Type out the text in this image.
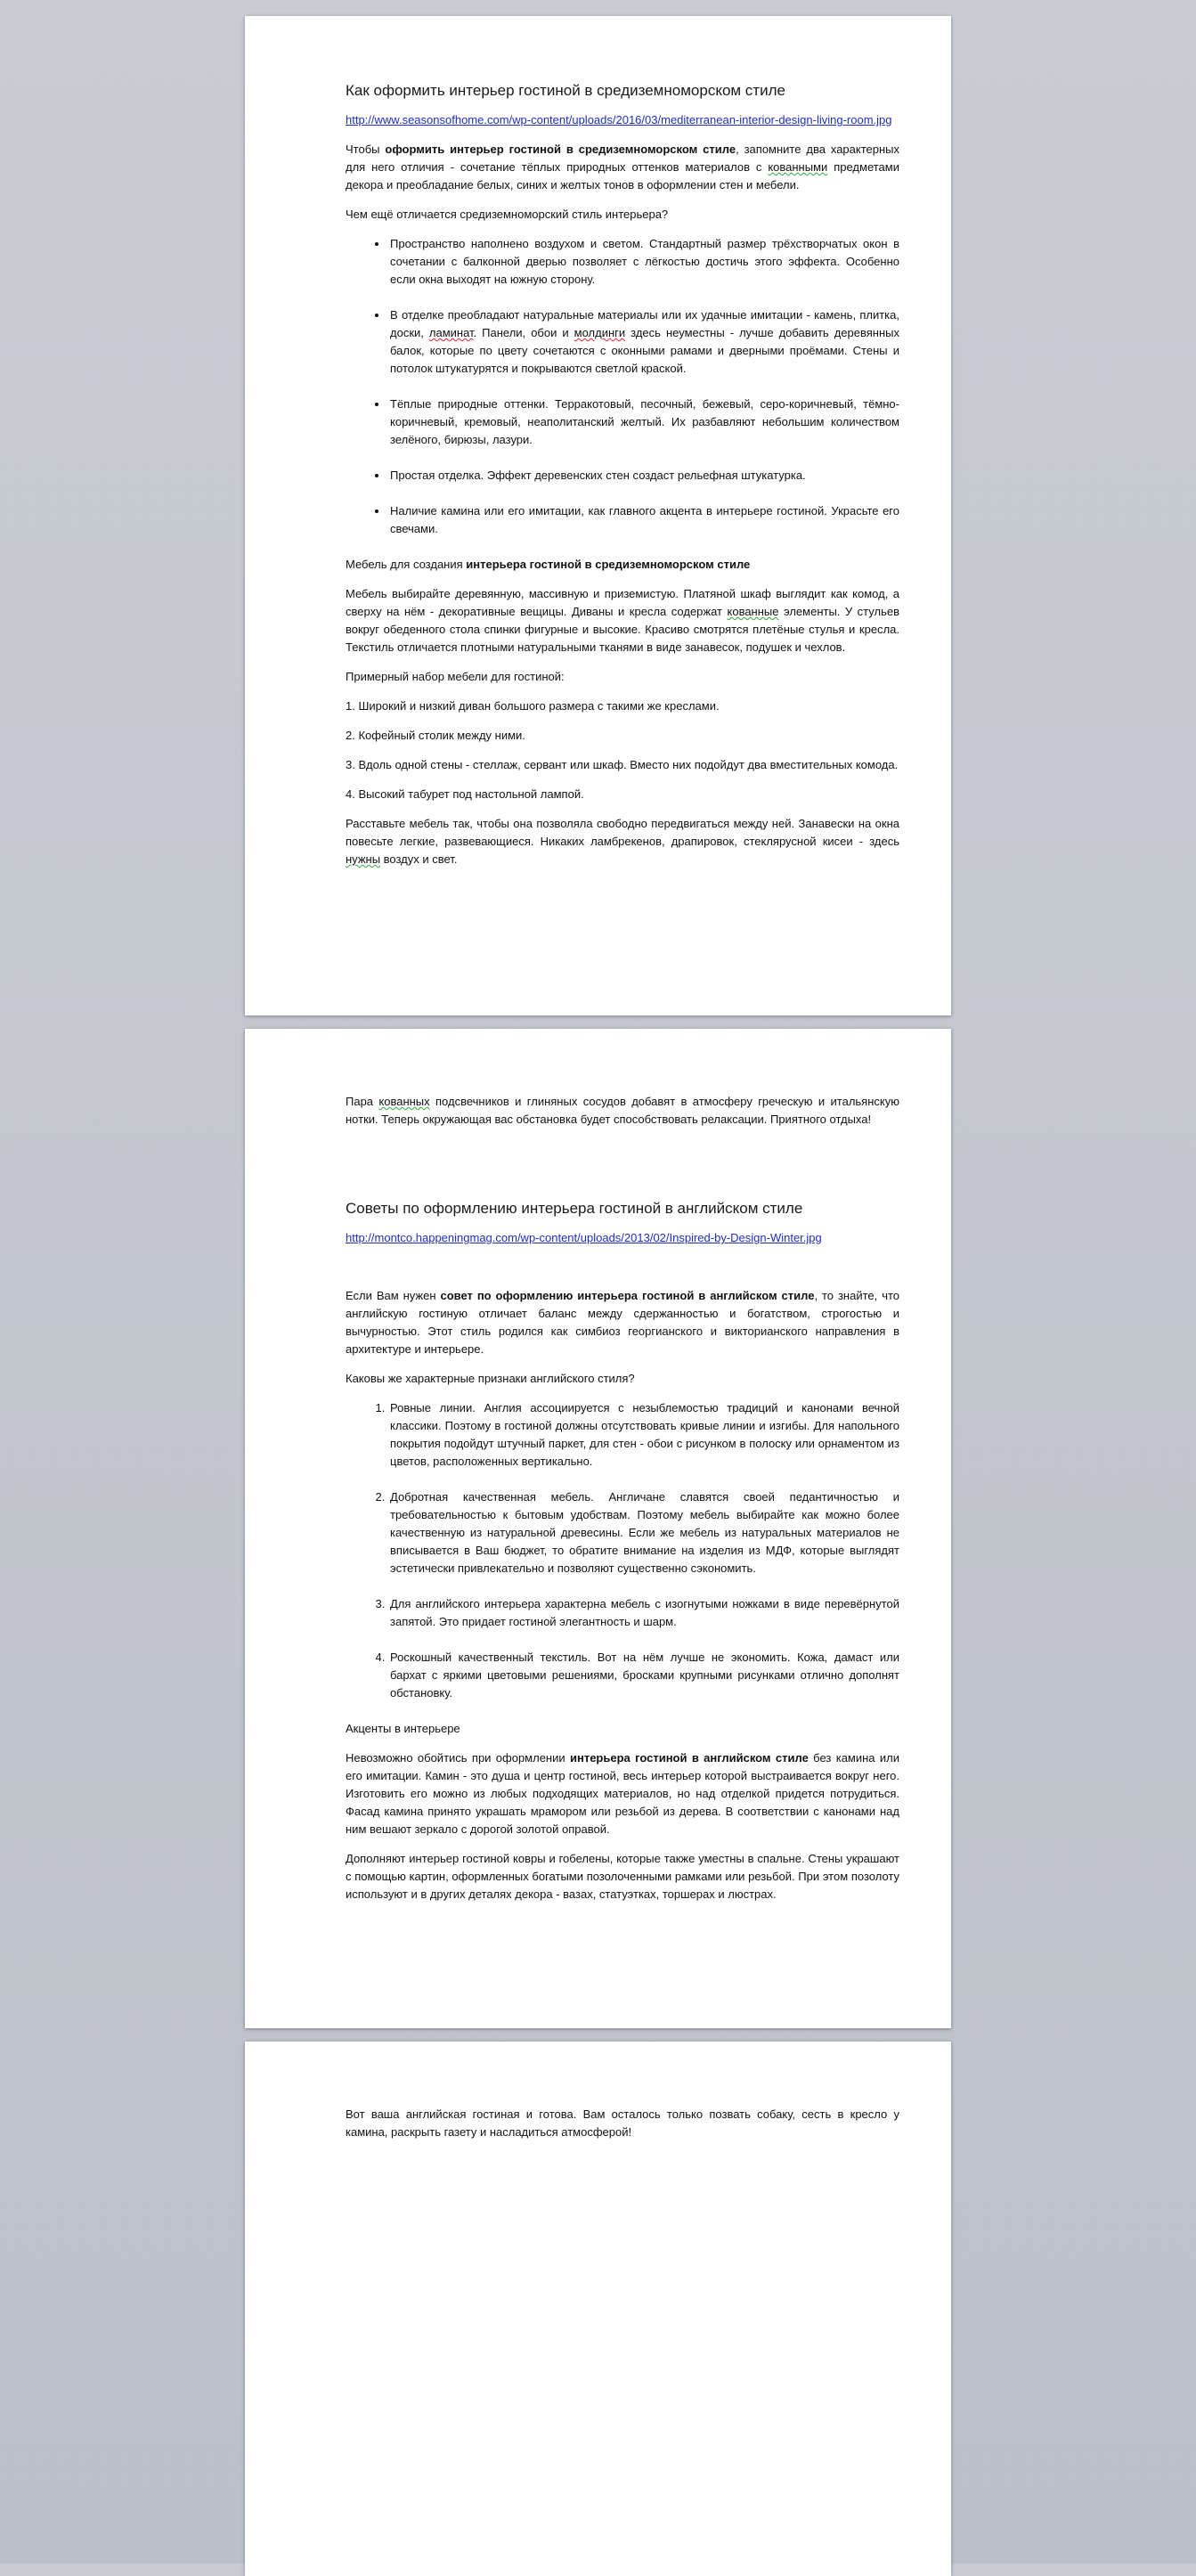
Как оформить интерьер гостиной в средиземноморском стиле

http://www.seasonsofhome.com/wp-content/uploads/2016/03/mediterranean-interior-design-living-room.jpg

Чтобы оформить интерьер гостиной в средиземноморском стиле, запомните два характерных для него отличия - сочетание тёплых природных оттенков материалов с кованными предметами декора и преобладание белых, синих и желтых тонов в оформлении стен и мебели.

Чем ещё отличается средиземноморский стиль интерьера?

• Пространство наполнено воздухом и светом. Стандартный размер трёхстворчатых окон в сочетании с балконной дверью позволяет с лёгкостью достичь этого эффекта. Особенно если окна выходят на южную сторону.
• В отделке преобладают натуральные материалы или их удачные имитации - камень, плитка, доски, ламинат. Панели, обои и молдинги здесь неуместны - лучше добавить деревянных балок, которые по цвету сочетаются с оконными рамами и дверными проёмами. Стены и потолок штукатурятся и покрываются светлой краской.
• Тёплые природные оттенки. Терракотовый, песочный, бежевый, серо-коричневый, тёмно-коричневый, кремовый, неаполитанский желтый. Их разбавляют небольшим количеством зелёного, бирюзы, лазури.
• Простая отделка. Эффект деревенских стен создаст рельефная штукатурка.
• Наличие камина или его имитации, как главного акцента в интерьере гостиной. Украсьте его свечами.

Мебель для создания интерьера гостиной в средиземноморском стиле

Мебель выбирайте деревянную, массивную и приземистую. Платяной шкаф выглядит как комод, а сверху на нём - декоративные вещицы. Диваны и кресла содержат кованные элементы. У стульев вокруг обеденного стола спинки фигурные и высокие. Красиво смотрятся плетёные стулья и кресла. Текстиль отличается плотными натуральными тканями в виде занавесок, подушек и чехлов.

Примерный набор мебели для гостиной:

1. Широкий и низкий диван большого размера с такими же креслами.

2. Кофейный столик между ними.

3. Вдоль одной стены - стеллаж, сервант или шкаф. Вместо них подойдут два вместительных комода.

4. Высокий табурет под настольной лампой.

Расставьте мебель так, чтобы она позволяла свободно передвигаться между ней. Занавески на окна повесьте легкие, развевающиеся. Никаких ламбрекенов, драпировок, стеклярусной кисеи - здесь нужны воздух и свет.

Пара кованных подсвечников и глиняных сосудов добавят в атмосферу греческую и итальянскую нотки. Теперь окружающая вас обстановка будет способствовать релаксации. Приятного отдыха!

Советы по оформлению интерьера гостиной в английском стиле

http://montco.happeningmag.com/wp-content/uploads/2013/02/Inspired-by-Design-Winter.jpg

Если Вам нужен совет по оформлению интерьера гостиной в английском стиле, то знайте, что английскую гостиную отличает баланс между сдержанностью и богатством, строгостью и вычурностью. Этот стиль родился как симбиоз георгианского и викторианского направления в архитектуре и интерьере.

Каковы же характерные признаки английского стиля?

1. Ровные линии. Англия ассоциируется с незыблемостью традиций и канонами вечной классики. Поэтому в гостиной должны отсутствовать кривые линии и изгибы. Для напольного покрытия подойдут штучный паркет, для стен - обои с рисунком в полоску или орнаментом из цветов, расположенных вертикально.
2. Добротная качественная мебель. Англичане славятся своей педантичностью и требовательностью к бытовым удобствам. Поэтому мебель выбирайте как можно более качественную из натуральной древесины. Если же мебель из натуральных материалов не вписывается в Ваш бюджет, то обратите внимание на изделия из МДФ, которые выглядят эстетически привлекательно и позволяют существенно сэкономить.
3. Для английского интерьера характерна мебель с изогнутыми ножками в виде перевёрнутой запятой. Это придает гостиной элегантность и шарм.
4. Роскошный качественный текстиль. Вот на нём лучше не экономить. Кожа, дамаст или бархат с яркими цветовыми решениями, бросками крупными рисунками отлично дополнят обстановку.

Акценты в интерьере

Невозможно обойтись при оформлении интерьера гостиной в английском стиле без камина или его имитации. Камин - это душа и центр гостиной, весь интерьер которой выстраивается вокруг него. Изготовить его можно из любых подходящих материалов, но над отделкой придется потрудиться. Фасад камина принято украшать мрамором или резьбой из дерева. В соответствии с канонами над ним вешают зеркало с дорогой золотой оправой.

Дополняют интерьер гостиной ковры и гобелены, которые также уместны в спальне. Стены украшают с помощью картин, оформленных богатыми позолоченными рамками или резьбой. При этом позолоту используют и в других деталях декора - вазах, статуэтках, торшерах и люстрах.

Вот ваша английская гостиная и готова. Вам осталось только позвать собаку, сесть в кресло у камина, раскрыть газету и насладиться атмосферой!
